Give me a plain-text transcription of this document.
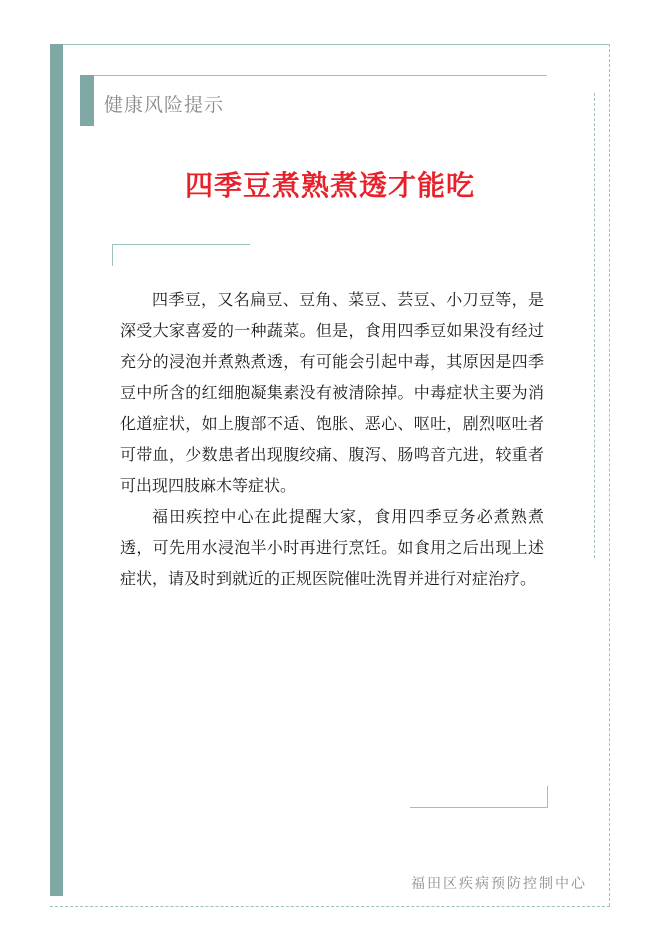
健康风险提示
四季豆煮熟煮透才能吃

四季豆，又名扁豆、豆角、菜豆、芸豆、小刀豆等，是深受大家喜爱的一种蔬菜。但是，食用四季豆如果没有经过充分的浸泡并煮熟煮透，有可能会引起中毒，其原因是四季豆中所含的红细胞凝集素没有被清除掉。中毒症状主要为消化道症状，如上腹部不适、饱胀、恶心、呕吐，剧烈呕吐者可带血，少数患者出现腹绞痛、腹泻、肠鸣音亢进，较重者可出现四肢麻木等症状。

福田疾控中心在此提醒大家，食用四季豆务必煮熟煮透，可先用水浸泡半小时再进行烹饪。如食用之后出现上述症状，请及时到就近的正规医院催吐洗胃并进行对症治疗。

福田区疾病预防控制中心
